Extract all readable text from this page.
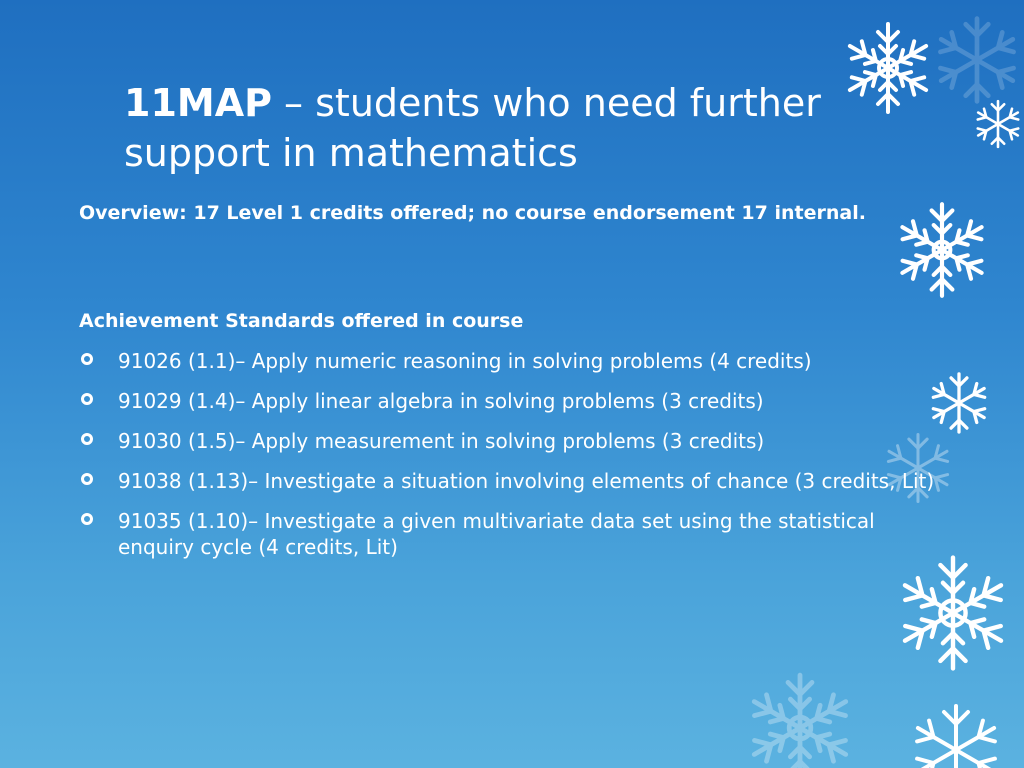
11MAP – students who need further support in mathematics

Overview: 17 Level 1 credits offered; no course endorsement 17 internal.

Achievement Standards offered in course

91026 (1.1)– Apply numeric reasoning in solving problems (4 credits)
91029 (1.4)– Apply linear algebra in solving problems (3 credits)
91030 (1.5)– Apply measurement in solving problems (3 credits)
91038 (1.13)– Investigate a situation involving elements of chance (3 credits, Lit)
91035 (1.10)– Investigate a given multivariate data set using the statistical enquiry cycle (4 credits, Lit)
